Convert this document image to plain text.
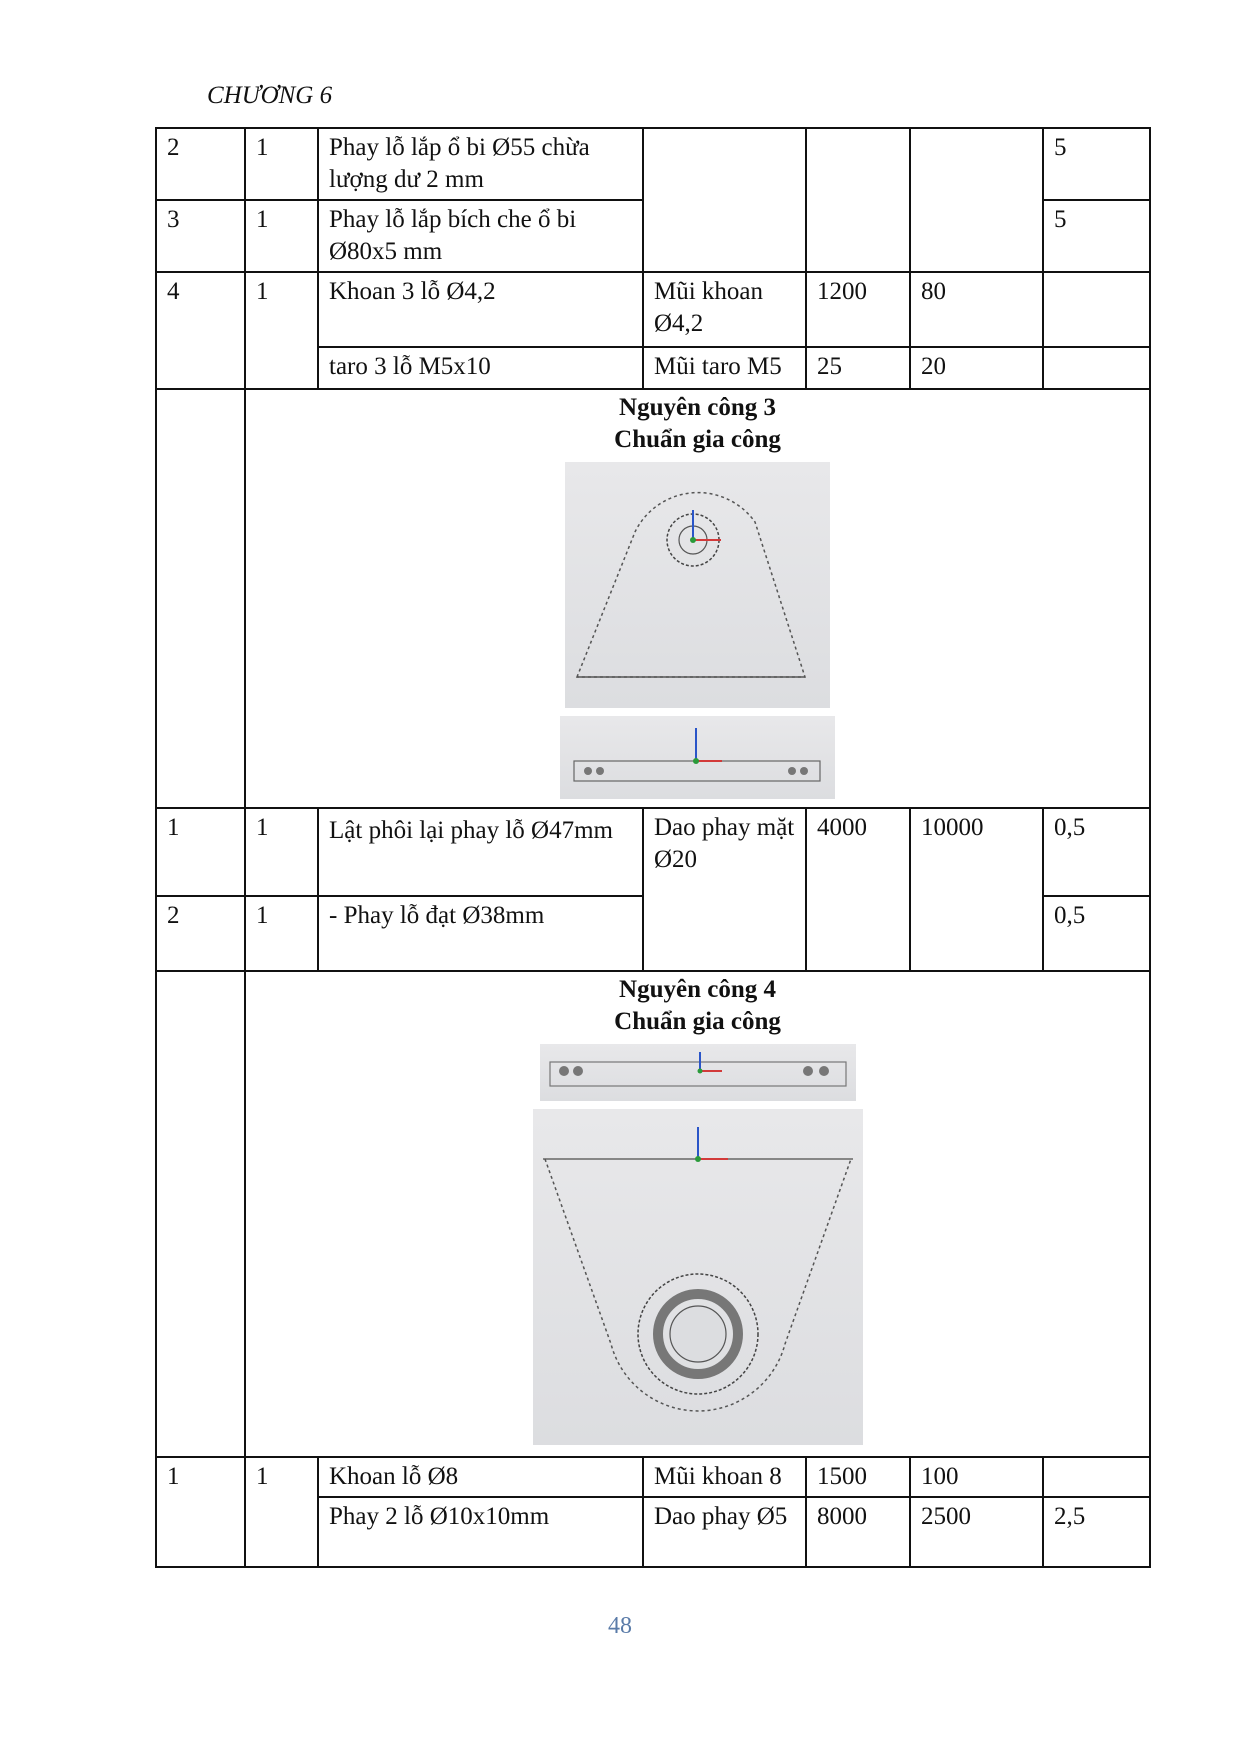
CHƯƠNG 6
2	1	Phay lỗ lắp ổ bi Ø55 chừa lượng dư 2 mm				5
3	1	Phay lỗ lắp bích che ổ bi Ø80x5 mm				5
4	1	Khoan 3 lỗ Ø4,2	Mũi khoan Ø4,2	1200	80	
		taro 3 lỗ M5x10	Mũi taro M5	25	20	

	Nguyên công 3
Chuẩn gia công					

1	1	Lật phôi lại phay lỗ Ø47mm	Dao phay mặt Ø20	4000	10000	0,5
2	1	- Phay lỗ đạt Ø38mm				0,5

	Nguyên công 4
Chuẩn gia công					

1	1	Khoan lỗ Ø8	Mũi khoan 8	1500	100	
		Phay 2 lỗ Ø10x10mm	Dao phay Ø5	8000	2500	2,5
48
